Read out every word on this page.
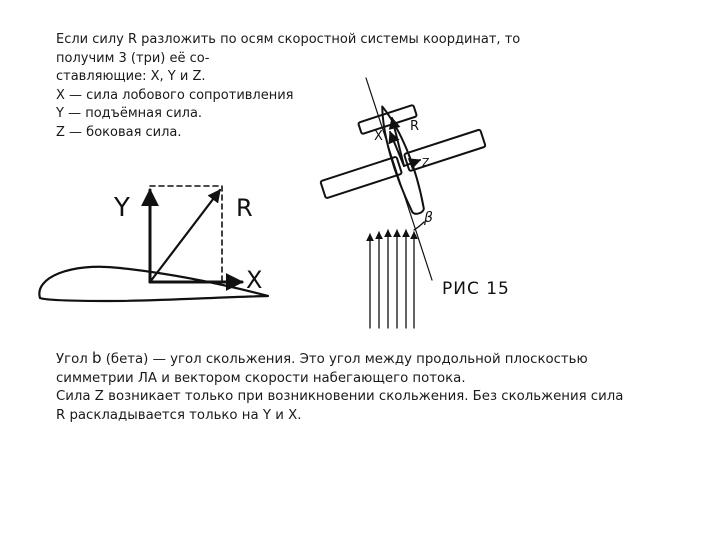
Если силу R разложить по осям скоростной системы координат, то
получим 3 (три) её со-
ставляющие: X, Y и Z.
X — сила лобового сопротивления
Y — подъёмная сила.
Z — боковая сила.
Y	R
X
X
R
Z
β
РИС 15
Угол b (бета) — угол скольжения. Это угол между продольной плоскостью
симметрии ЛА и вектором скорости набегающего потока.
Сила Z возникает только при возникновении скольжения. Без скольжения сила
R раскладывается только на Y и X.
